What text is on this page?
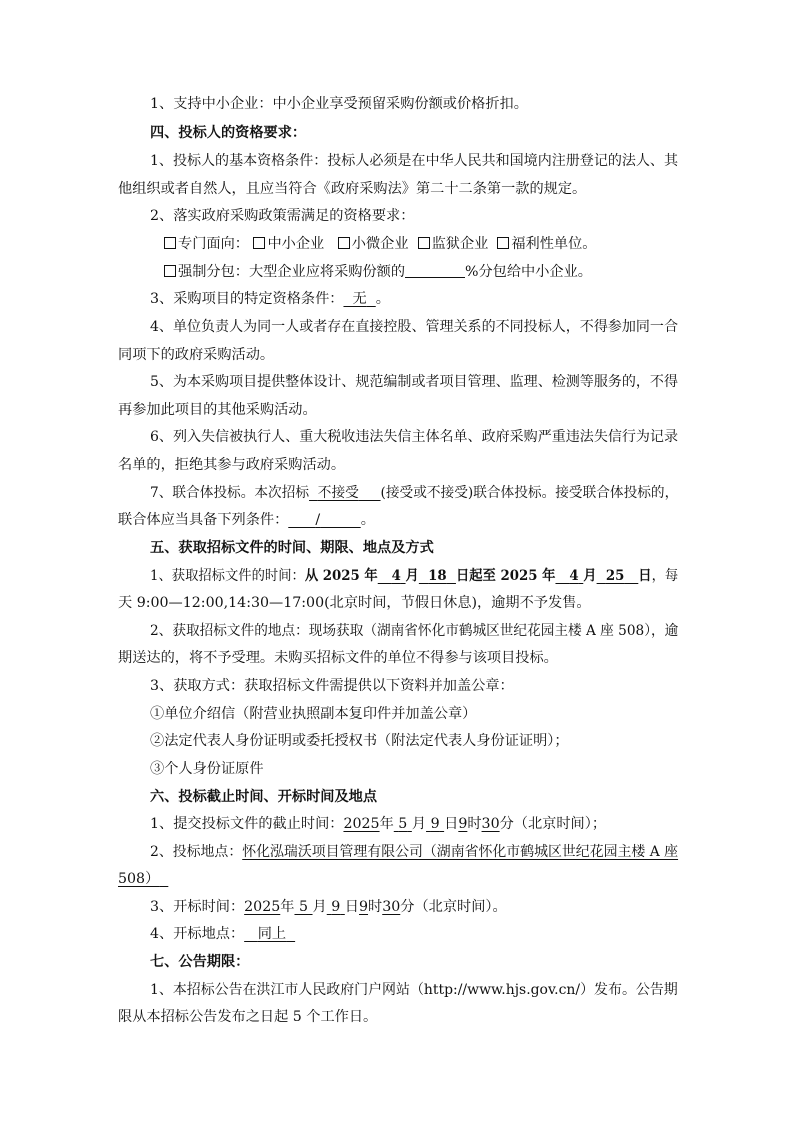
1、支持中小企业：中小企业享受预留采购份额或价格折扣。
四、投标人的资格要求：
1、投标人的基本资格条件：投标人必须是在中华人民共和国境内注册登记的法人、其
他组织或者自然人，且应当符合《政府采购法》第二十二条第一款的规定。
2、落实政府采购政策需满足的资格要求：
专门面向： 中小企业 小微企业 监狱企业 福利性单位。
强制分包：大型企业应将采购份额的	%分包给中小企业。
3、采购项目的特定资格条件： 无 。
4、单位负责人为同一人或者存在直接控股、管理关系的不同投标人，不得参加同一合
同项下的政府采购活动。
5、为本采购项目提供整体设计、规范编制或者项目管理、监理、检测等服务的，不得
再参加此项目的其他采购活动。
6、列入失信被执行人、重大税收违法失信主体名单、政府采购严重违法失信行为记录
名单的，拒绝其参与政府采购活动。
7、联合体投标。本次招标 不接受 (接受或不接受)联合体投标。接受联合体投标的，
联合体应当具备下列条件： /	。
五、获取招标文件的时间、期限、地点及方式
1、获取招标文件的时间：从 2025 年 4 月 18 日起至 2025 年 4 月 25 日，每
天 9:00—12:00,14:30—17:00(北京时间，节假日休息)，逾期不予发售。
2、获取招标文件的地点：现场获取（湖南省怀化市鹤城区世纪花园主楼 A 座 508），逾
期送达的，将不予受理。未购买招标文件的单位不得参与该项目投标。
3、获取方式：获取招标文件需提供以下资料并加盖公章：
①单位介绍信（附营业执照副本复印件并加盖公章）
②法定代表人身份证明或委托授权书（附法定代表人身份证证明）；
③个人身份证原件
六、投标截止时间、开标时间及地点
1、提交投标文件的截止时间：2025年 5 月 9 日9时30分（北京时间）；
2、投标地点：怀化泓瑞沃项目管理有限公司（湖南省怀化市鹤城区世纪花园主楼 A 座
508）
3、开标时间：2025年 5 月 9 日9时30分（北京时间）。
4、开标地点： 同上
七、公告期限：
1、本招标公告在洪江市人民政府门户网站（http://www.hjs.gov.cn/）发布。公告期
限从本招标公告发布之日起 5 个工作日。
